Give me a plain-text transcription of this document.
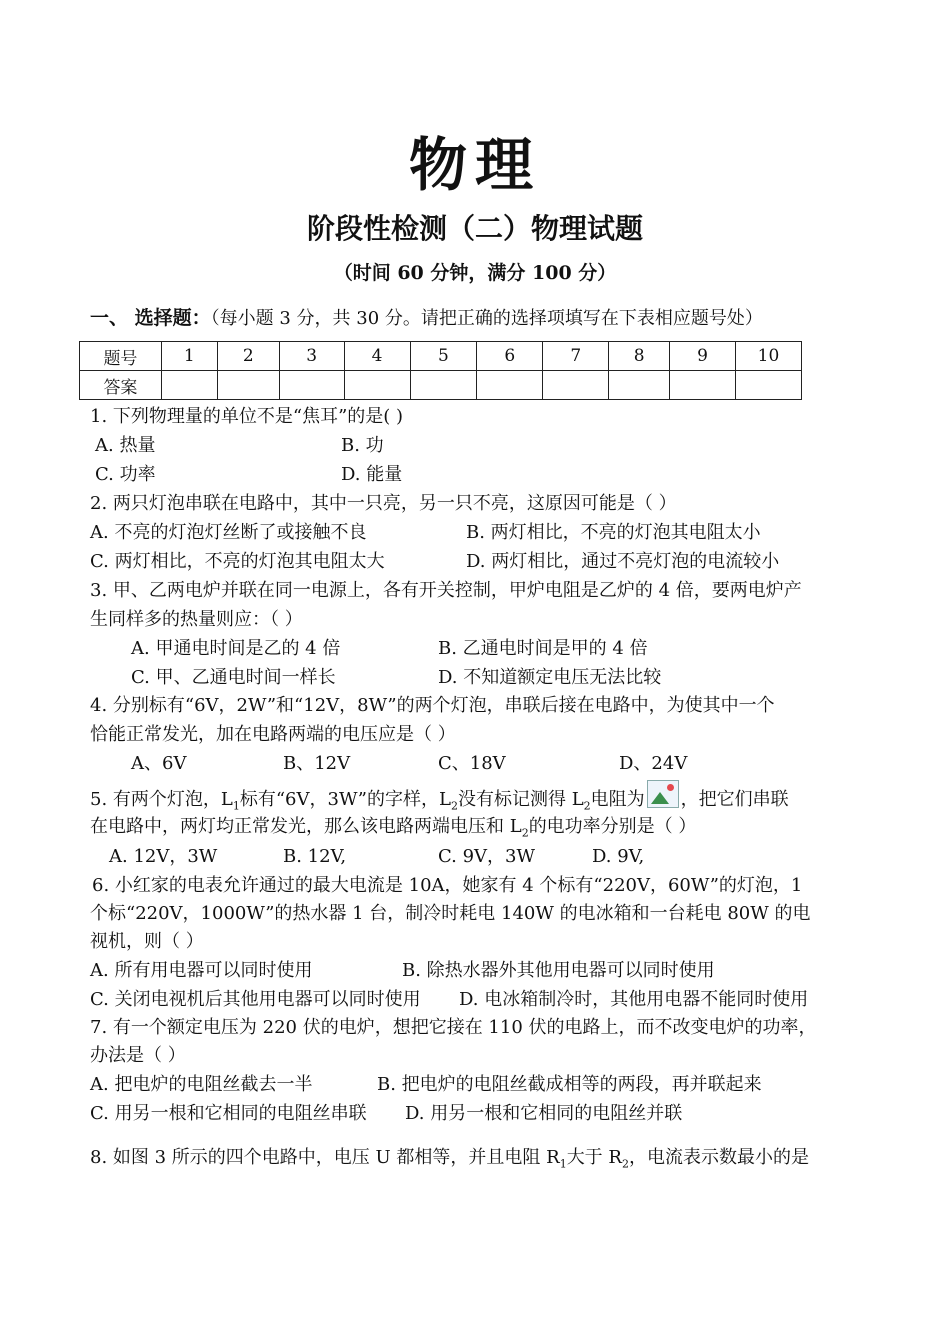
物理
阶段性检测（二）物理试题
（时间 60 分钟，满分 100 分）
一、 选择题：（每小题 3 分，共 30 分。请把正确的选择项填写在下表相应题号处）
题号	1	2	3	4	5	6	7	8	9	10
答案										
1. 下列物理量的单位不是“焦耳”的是( )
A. 热量	B. 功
C. 功率	D. 能量
2. 两只灯泡串联在电路中，其中一只亮，另一只不亮，这原因可能是（ ）
A. 不亮的灯泡灯丝断了或接触不良	B. 两灯相比，不亮的灯泡其电阻太小
C. 两灯相比，不亮的灯泡其电阻太大	D. 两灯相比，通过不亮灯泡的电流较小
3. 甲、乙两电炉并联在同一电源上，各有开关控制，甲炉电阻是乙炉的 4 倍，要两电炉产
生同样多的热量则应：（ ）
A. 甲通电时间是乙的 4 倍	B. 乙通电时间是甲的 4 倍
C. 甲、乙通电时间一样长	D. 不知道额定电压无法比较
4. 分别标有“6V，2W”和“12V，8W”的两个灯泡，串联后接在电路中，为使其中一个
恰能正常发光，加在电路两端的电压应是（ ）
A、6V	B、12V	C、18V	D、24V
5. 有两个灯泡，$L_1$标有“6V，3W”的字样，$L_2$没有标记测得 $L_2$电阻为 ，把它们串联
在电路中，两灯均正常发光，那么该电路两端电压和 $L_2$的电功率分别是（ ）
A. 12V，3W	B. 12V,	C. 9V，3W	D. 9V,
6. 小红家的电表允许通过的最大电流是 10A，她家有 4 个标有“220V，60W”的灯泡，1
个标“220V，1000W”的热水器 1 台，制冷时耗电 140W 的电冰箱和一台耗电 80W 的电
视机，则（ ）
A. 所有用电器可以同时使用	B. 除热水器外其他用电器可以同时使用
C. 关闭电视机后其他用电器可以同时使用 D. 电冰箱制冷时，其他用电器不能同时使用
7. 有一个额定电压为 220 伏的电炉，想把它接在 110 伏的电路上，而不改变电炉的功率，
办法是（ ）
A. 把电炉的电阻丝截去一半	B. 把电炉的电阻丝截成相等的两段，再并联起来
C. 用另一根和它相同的电阻丝串联 D. 用另一根和它相同的电阻丝并联
8. 如图 3 所示的四个电路中，电压 U 都相等，并且电阻 $R_1$大于 $R_2$，电流表示数最小的是
